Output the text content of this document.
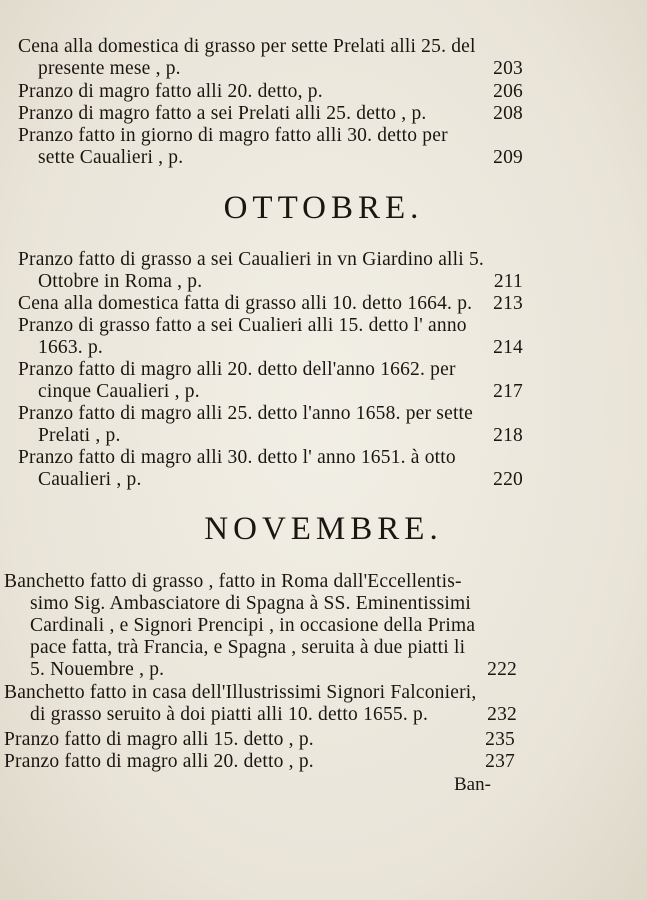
Cena alla domestica di grasso per sette Prelati alli 25. del
presente mese , p.	203
Pranzo di magro fatto alli 20. detto, p.	206
Pranzo di magro fatto a sei Prelati alli 25. detto , p.	208
Pranzo fatto in giorno di magro fatto alli 30. detto per
sette Caualieri , p.	209
OTTOBRE.
Pranzo fatto di grasso a sei Caualieri in vn Giardino alli 5.
Ottobre in Roma , p.	211
Cena alla domestica fatta di grasso alli 10. detto 1664. p. 213
Pranzo di grasso fatto a sei Cualieri alli 15. detto l' anno
1663. p.	214
Pranzo fatto di magro alli 20. detto dell'anno 1662. per
cinque Caualieri , p.	217
Pranzo fatto di magro alli 25. detto l'anno 1658. per sette
Prelati , p.	218
Pranzo fatto di magro alli 30. detto l' anno 1651. à otto
Caualieri , p.	220
NOVEMBRE.
Banchetto fatto di grasso , fatto in Roma dall'Eccellentis-
simo Sig. Ambasciatore di Spagna à SS. Eminentissimi
Cardinali , e Signori Prencipi , in occasione della Prima
pace fatta, trà Francia, e Spagna , seruita à due piatti li
5. Nouembre , p.	222
Banchetto fatto in casa dell'Illustrissimi Signori Falconieri,
di grasso seruito à doi piatti alli 10. detto 1655. p.	232
Pranzo fatto di magro alli 15. detto , p.	235
Pranzo fatto di magro alli 20. detto , p.	237
Ban-
